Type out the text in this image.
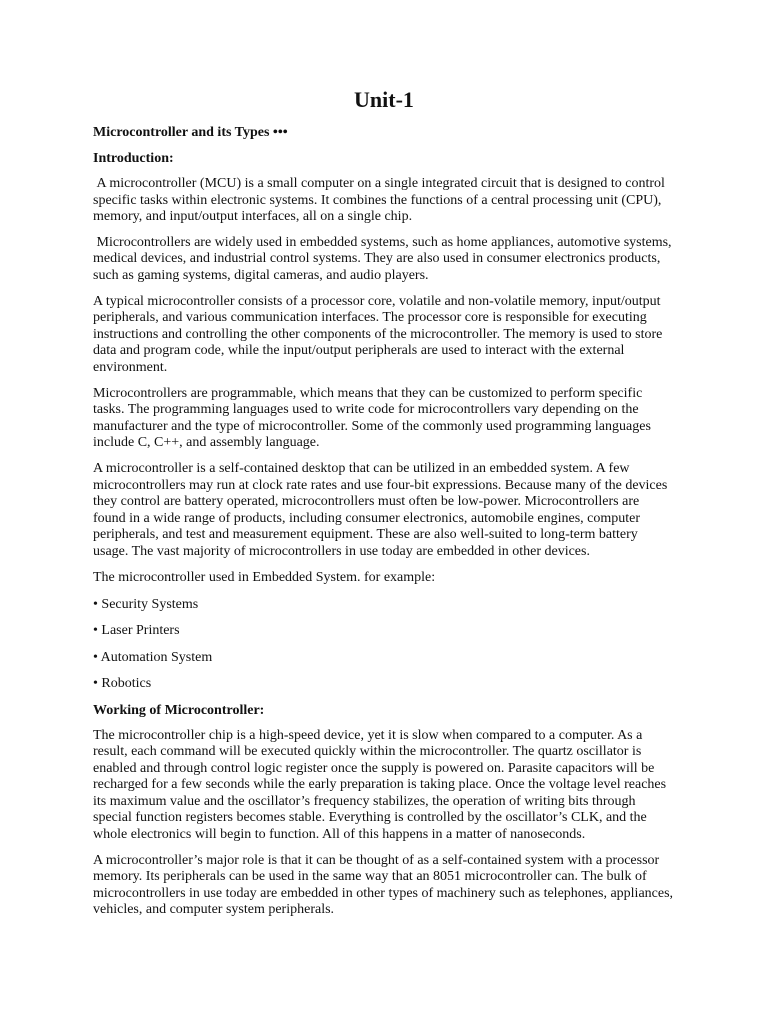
Unit-1
Microcontroller and its Types •••
Introduction:

A microcontroller (MCU) is a small computer on a single integrated circuit that is designed to control specific tasks within electronic systems. It combines the functions of a central processing unit (CPU), memory, and input/output interfaces, all on a single chip.

Microcontrollers are widely used in embedded systems, such as home appliances, automotive systems, medical devices, and industrial control systems. They are also used in consumer electronics products, such as gaming systems, digital cameras, and audio players.

A typical microcontroller consists of a processor core, volatile and non-volatile memory, input/output peripherals, and various communication interfaces. The processor core is responsible for executing instructions and controlling the other components of the microcontroller. The memory is used to store data and program code, while the input/output peripherals are used to interact with the external environment.

Microcontrollers are programmable, which means that they can be customized to perform specific tasks. The programming languages used to write code for microcontrollers vary depending on the manufacturer and the type of microcontroller. Some of the commonly used programming languages include C, C++, and assembly language.

A microcontroller is a self-contained desktop that can be utilized in an embedded system. A few microcontrollers may run at clock rate rates and use four-bit expressions. Because many of the devices they control are battery operated, microcontrollers must often be low-power. Microcontrollers are found in a wide range of products, including consumer electronics, automobile engines, computer peripherals, and test and measurement equipment. These are also well-suited to long-term battery usage. The vast majority of microcontrollers in use today are embedded in other devices.

The microcontroller used in Embedded System. for example:

• Security Systems

• Laser Printers

• Automation System

• Robotics

Working of Microcontroller:

The microcontroller chip is a high-speed device, yet it is slow when compared to a computer. As a result, each command will be executed quickly within the microcontroller. The quartz oscillator is enabled and through control logic register once the supply is powered on. Parasite capacitors will be recharged for a few seconds while the early preparation is taking place. Once the voltage level reaches its maximum value and the oscillator’s frequency stabilizes, the operation of writing bits through special function registers becomes stable. Everything is controlled by the oscillator’s CLK, and the whole electronics will begin to function. All of this happens in a matter of nanoseconds.

A microcontroller’s major role is that it can be thought of as a self-contained system with a processor memory. Its peripherals can be used in the same way that an 8051 microcontroller can. The bulk of microcontrollers in use today are embedded in other types of machinery such as telephones, appliances, vehicles, and computer system peripherals.
